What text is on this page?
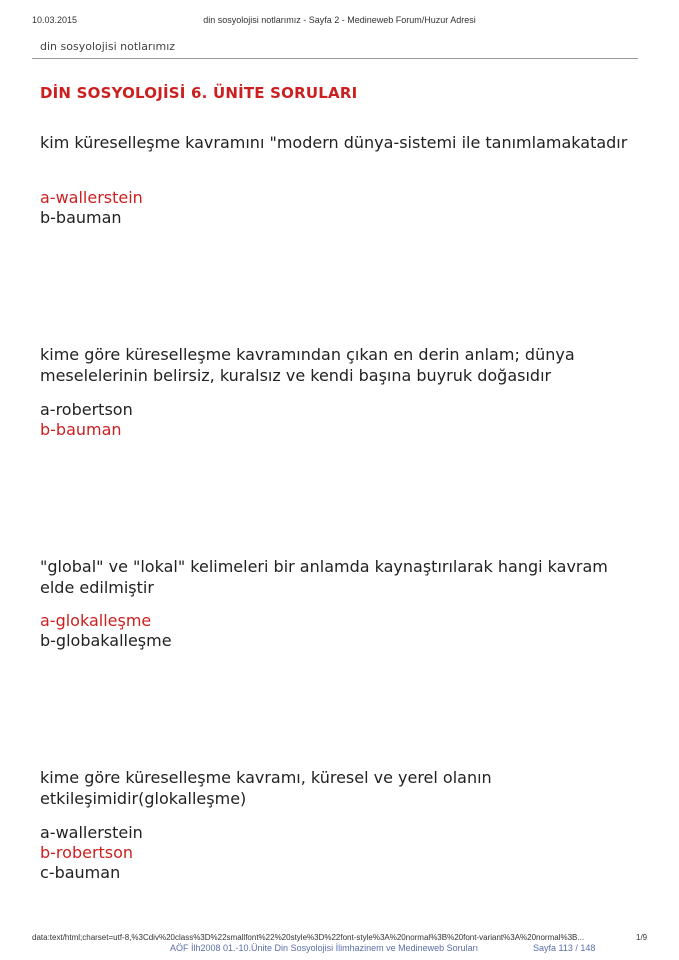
10.03.2015	din sosyolojisi notlarımız - Sayfa 2 - Medineweb Forum/Huzur Adresi
din sosyolojisi notlarımız
DİN SOSYOLOJİSİ 6. ÜNİTE SORULARI
kim küreselleşme kavramını "modern dünya-sistemi ile tanımlamakatadır
a-wallerstein
b-bauman
kime göre küreselleşme kavramından çıkan en derin anlam; dünya meselelerinin belirsiz, kuralsız ve kendi başına buyruk doğasıdır
a-robertson
b-bauman
"global" ve "lokal" kelimeleri bir anlamda kaynaştırılarak hangi kavram elde edilmiştir
a-glokalleşme
b-globakalleşme
kime göre küreselleşme kavramı, küresel ve yerel olanın etkileşimidir(glokalleşme)
a-wallerstein
b-robertson
c-bauman
data:text/html;charset=utf-8,%3Cdiv%20class%3D%22smallfont%22%20style%3D%22font-style%3A%20normal%3B%20font-variant%3A%20normal%3B...	1/9
AÖF İlh2008 01.-10.Ünite Din Sosyolojisi İlimhazinem ve Medineweb Soruları	Sayfa 113 / 148
